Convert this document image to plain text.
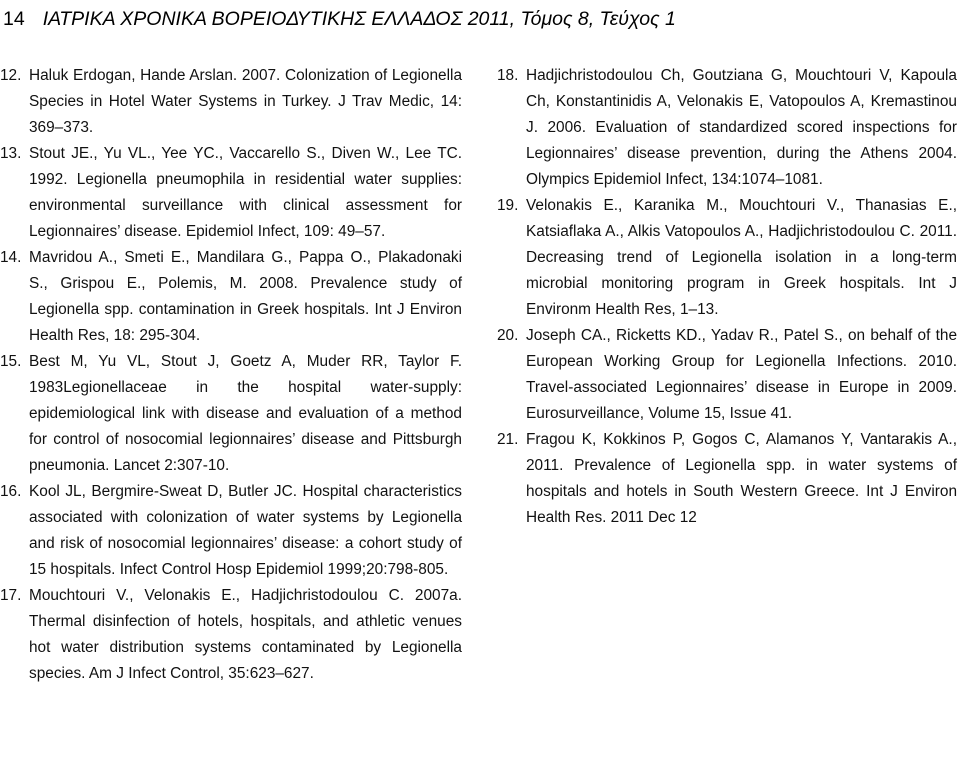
14 ΙΑΤΡΙΚΑ ΧΡΟΝΙΚΑ ΒΟΡΕΙΟΔΥΤΙΚΗΣ ΕΛΛΑΔΟΣ 2011, Τόμος 8, Τεύχος 1
12. Haluk Erdogan, Hande Arslan. 2007. Colonization of Legionella Species in Hotel Water Systems in Turkey. J Trav Medic, 14: 369–373.
13. Stout JE., Yu VL., Yee YC., Vaccarello S., Diven W., Lee TC. 1992. Legionella pneumophila in residential water supplies: environmental surveillance with clinical assessment for Legionnaires’ disease. Epidemiol Infect, 109: 49–57.
14. Mavridou A., Smeti E., Mandilara G., Pappa O., Plakadonaki S., Grispou E., Polemis, M. 2008. Prevalence study of Legionella spp. contamination in Greek hospitals. Int J Environ Health Res, 18: 295-304.
15. Best M, Yu VL, Stout J, Goetz A, Muder RR, Taylor F. 1983Legionellaceae in the hospital water-supply: epidemiological link with disease and evaluation of a method for control of nosocomial legionnaires’ disease and Pittsburgh pneumonia. Lancet 2:307-10.
16. Kool JL, Bergmire-Sweat D, Butler JC. Hospital characteristics associated with colonization of water systems by Legionella and risk of nosocomial legionnaires’ disease: a cohort study of 15 hospitals. Infect Control Hosp Epidemiol 1999;20:798-805.
17. Mouchtouri V., Velonakis E., Hadjichristodoulou C. 2007a. Thermal disinfection of hotels, hospitals, and athletic venues hot water distribution systems contaminated by Legionella species. Am J Infect Control, 35:623–627.
18. Hadjichristodoulou Ch, Goutziana G, Mouchtouri V, Kapoula Ch, Konstantinidis A, Velonakis E, Vatopoulos A, Kremastinou J. 2006. Evaluation of standardized scored inspections for Legionnaires’ disease prevention, during the Athens 2004. Olympics Epidemiol Infect, 134:1074–1081.
19. Velonakis E., Karanika M., Mouchtouri V., Thanasias E., Katsiaflaka A., Alkis Vatopoulos A., Hadjichristodoulou C. 2011. Decreasing trend of Legionella isolation in a long-term microbial monitoring program in Greek hospitals. Int J Environm Health Res, 1–13.
20. Joseph CA., Ricketts KD., Yadav R., Patel S., on behalf of the European Working Group for Legionella Infections. 2010. Travel-associated Legionnaires’ disease in Europe in 2009. Eurosurveillance, Volume 15, Issue 41.
21. Fragou K, Kokkinos P, Gogos C, Alamanos Y, Vantarakis A., 2011. Prevalence of Legionella spp. in water systems of hospitals and hotels in South Western Greece. Int J Environ Health Res. 2011 Dec 12
